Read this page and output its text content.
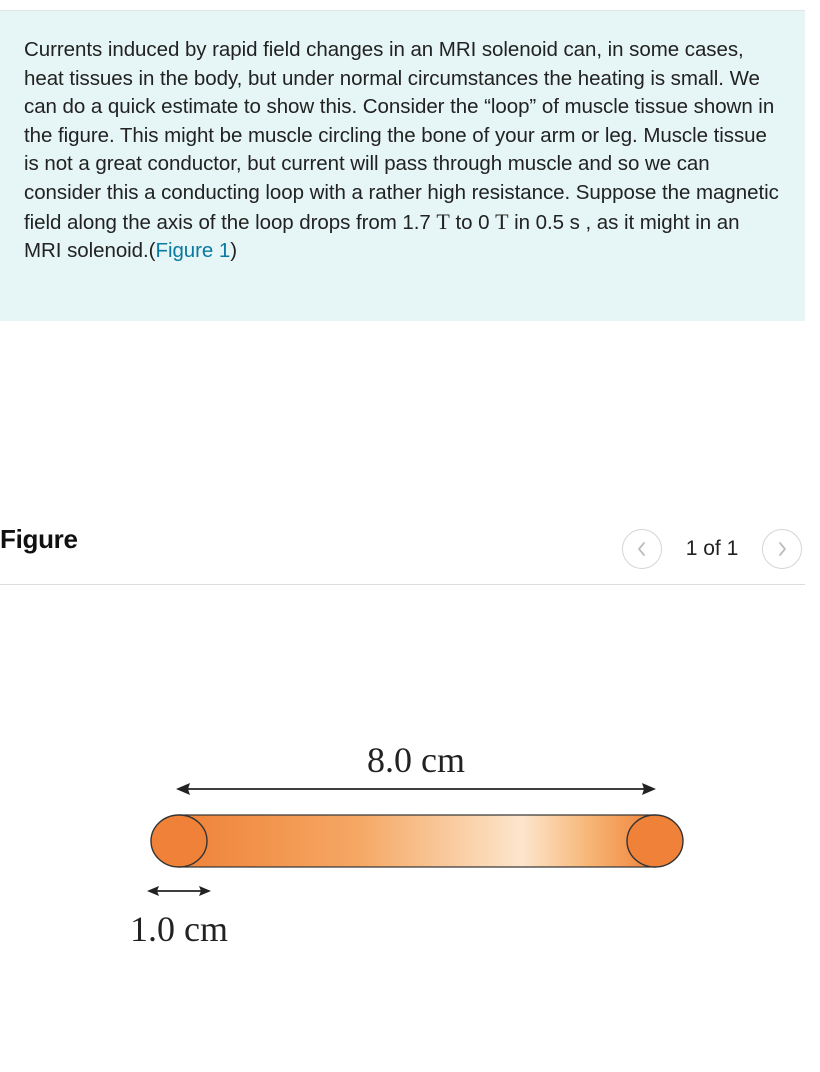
Currents induced by rapid field changes in an MRI solenoid can, in some cases, heat tissues in the body, but under normal circumstances the heating is small. We can do a quick estimate to show this. Consider the “loop” of muscle tissue shown in the figure. This might be muscle circling the bone of your arm or leg. Muscle tissue is not a great conductor, but current will pass through muscle and so we can consider this a conducting loop with a rather high resistance. Suppose the magnetic field along the axis of the loop drops from 1.7 T to 0 T in 0.5 s , as it might in an MRI solenoid.(Figure 1)

Figure	1 of 1
8.0 cm
1.0 cm
